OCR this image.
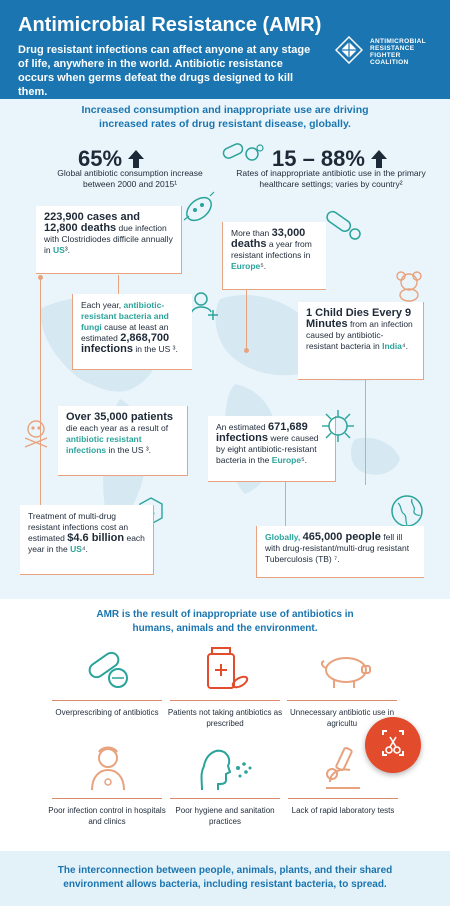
Antimicrobial Resistance (AMR)
Drug resistant infections can affect anyone at any stage of life, anywhere in the world. Antibiotic resistance occurs when germs defeat the drugs designed to kill them.
ANTIMICROBIAL RESISTANCE FIGHTER COALITION
Increased consumption and inappropriate use are driving increased rates of drug resistant disease, globally.
65%
Global antibiotic consumption increase between 2000 and 2015¹
15 – 88%
Rates of inappropriate antibiotic use in the primary healthcare settings; varies by country²
223,900 cases and 12,800 deaths due infection with Clostridiodes difficile annually in US³.
More than 33,000 deaths a year from resistant infections in Europe⁵.
Each year, antibiotic-resistant bacteria and fungi cause at least an estimated 2,868,700 infections in the US ³.
1 Child Dies Every 9 Minutes from an infection caused by antibiotic-resistant bacteria in India⁴.
Over 35,000 patients die each year as a result of antibiotic resistant infections in the US ³.
An estimated 671,689 infections were caused by eight antibiotic-resistant bacteria in the Europe⁵.
Treatment of multi-drug resistant infections cost an estimated $4.6 billion each year in the US⁴.
Globally, 465,000 people fell ill with drug-resistant/multi-drug resistant Tuberculosis (TB) ⁷.
AMR is the result of inappropriate use of antibiotics in humans, animals and the environment.
Overprescribing of antibiotics	Patients not taking antibiotics as prescribed
Unnecessary antibiotic use in agricultu
Poor infection control in hospitals and clinics
Poor hygiene and sanitation practices
Lack of rapid laboratory tests
The interconnection between people, animals, plants, and their shared environment allows bacteria, including resistant bacteria, to spread.
